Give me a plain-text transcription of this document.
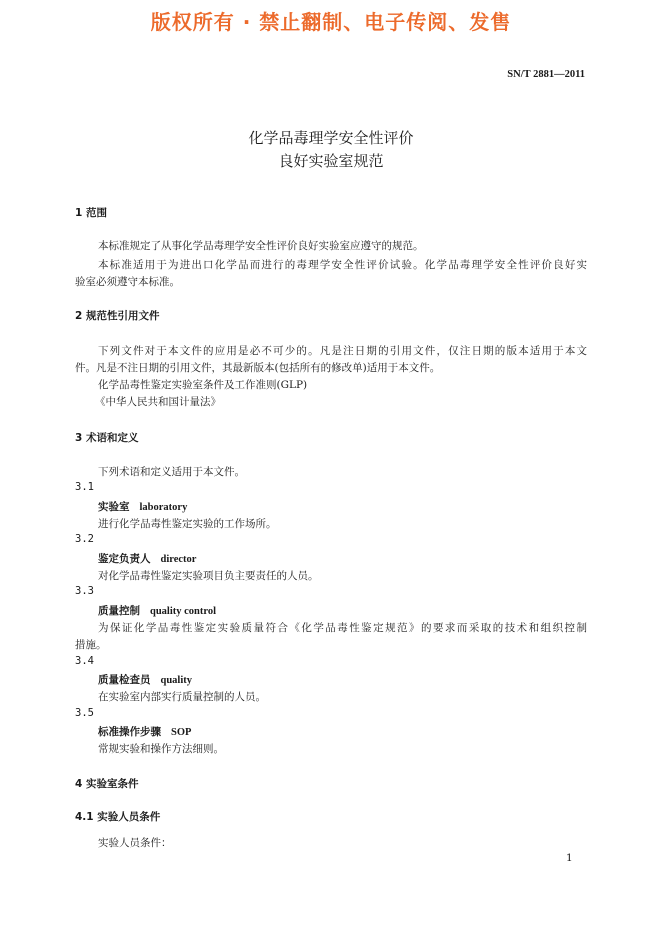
版权所有 · 禁止翻制、电子传阅、发售
SN/T 2881—2011
化学品毒理学安全性评价
良好实验室规范
1 范围
本标准规定了从事化学品毒理学安全性评价良好实验室应遵守的规范。
本标准适用于为进出口化学品而进行的毒理学安全性评价试验。化学品毒理学安全性评价良好实
验室必须遵守本标准。
2 规范性引用文件
下列文件对于本文件的应用是必不可少的。凡是注日期的引用文件，仅注日期的版本适用于本文
件。凡是不注日期的引用文件，其最新版本(包括所有的修改单)适用于本文件。
化学品毒性鉴定实验室条件及工作准则(GLP)
《中华人民共和国计量法》
3 术语和定义
下列术语和定义适用于本文件。
3.1
实验室 laboratory
进行化学品毒性鉴定实验的工作场所。
3.2
鉴定负责人 director
对化学品毒性鉴定实验项目负主要责任的人员。
3.3
质量控制 quality control
为保证化学品毒性鉴定实验质量符合《化学品毒性鉴定规范》的要求而采取的技术和组织控制
措施。
3.4
质量检查员 quality
在实验室内部实行质量控制的人员。
3.5
标准操作步骤 SOP
常规实验和操作方法细则。
4 实验室条件
4.1 实验人员条件
实验人员条件：
1
